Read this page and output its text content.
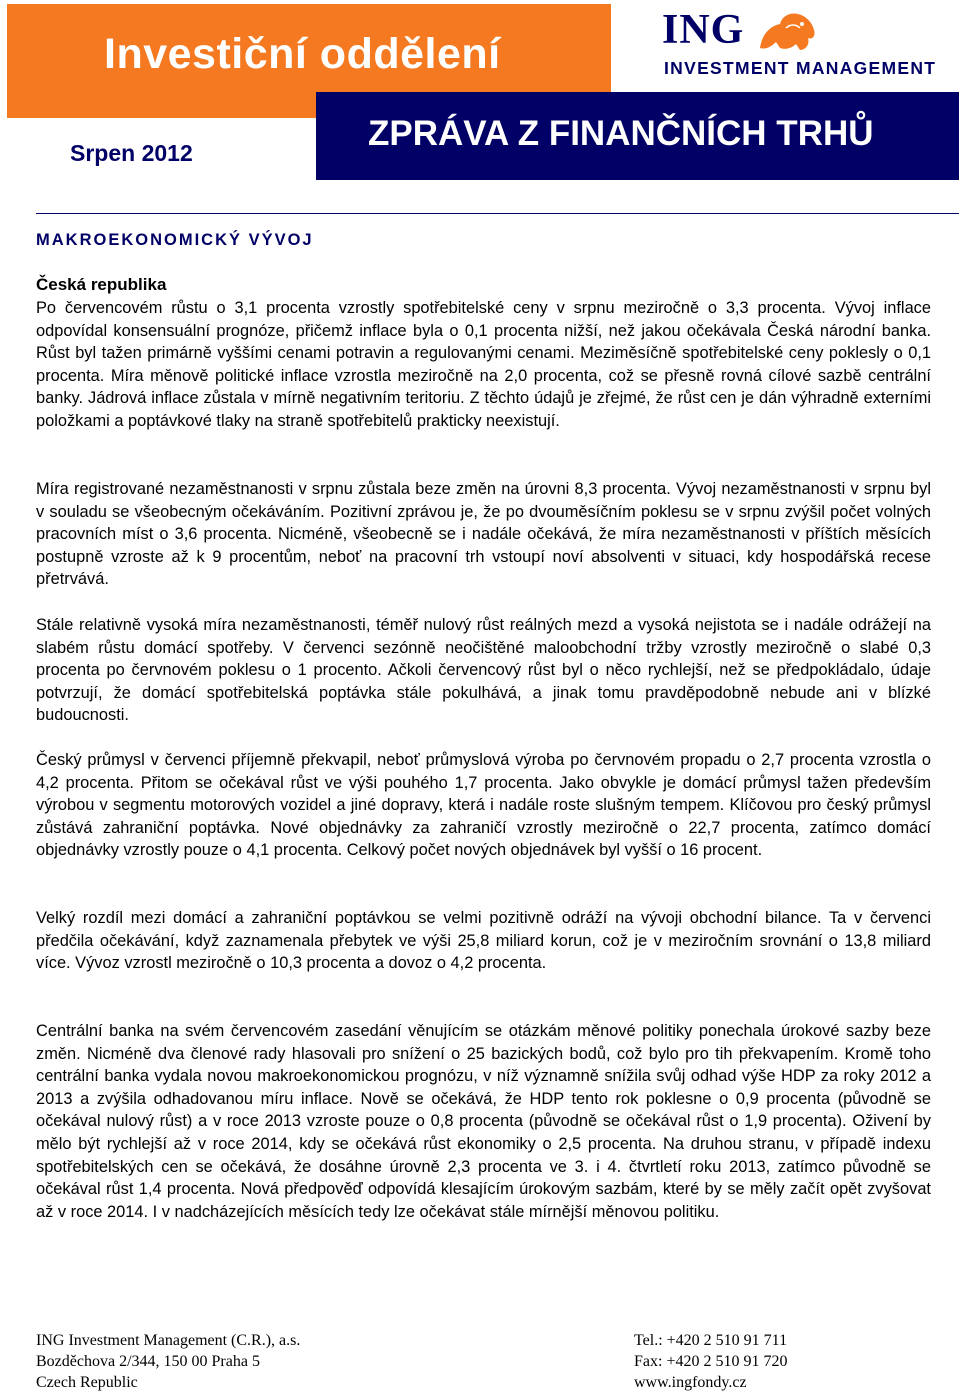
Investiční oddělení
ZPRÁVA Z FINANČNÍCH TRHŮ
Srpen 2012
ING
INVESTMENT MANAGEMENT
MAKROEKONOMICKÝ VÝVOJ
Česká republika
Po červencovém růstu o 3,1 procenta vzrostly spotřebitelské ceny v srpnu meziročně o 3,3 procenta. Vývoj inflace odpovídal konsensuální prognóze, přičemž inflace byla o 0,1 procenta nižší, než jakou očekávala Česká národní banka. Růst byl tažen primárně vyššími cenami potravin a regulovanými cenami. Meziměsíčně spotřebitelské ceny poklesly o 0,1 procenta. Míra měnově politické inflace vzrostla meziročně na 2,0 procenta, což se přesně rovná cílové sazbě centrální banky. Jádrová inflace zůstala v mírně negativním teritoriu. Z těchto údajů je zřejmé, že růst cen je dán výhradně externími položkami a poptávkové tlaky na straně spotřebitelů prakticky neexistují.
Míra registrované nezaměstnanosti v srpnu zůstala beze změn na úrovni 8,3 procenta. Vývoj nezaměstnanosti v srpnu byl v souladu se všeobecným očekáváním. Pozitivní zprávou je, že po dvouměsíčním poklesu se v srpnu zvýšil počet volných pracovních míst o 3,6 procenta. Nicméně, všeobecně se i nadále očekává, že míra nezaměstnanosti v příštích měsících postupně vzroste až k 9 procentům, neboť na pracovní trh vstoupí noví absolventi v situaci, kdy hospodářská recese přetrvává.
Stále relativně vysoká míra nezaměstnanosti, téměř nulový růst reálných mezd a vysoká nejistota se i nadále odrážejí na slabém růstu domácí spotřeby. V červenci sezónně neočištěné maloobchodní tržby vzrostly meziročně o slabé 0,3 procenta po červnovém poklesu o 1 procento. Ačkoli červencový růst byl o něco rychlejší, než se předpokládalo, údaje potvrzují, že domácí spotřebitelská poptávka stále pokulhává, a jinak tomu pravděpodobně nebude ani v blízké budoucnosti.
Český průmysl v červenci příjemně překvapil, neboť průmyslová výroba po červnovém propadu o 2,7 procenta vzrostla o 4,2 procenta. Přitom se očekával růst ve výši pouhého 1,7 procenta. Jako obvykle je domácí průmysl tažen především výrobou v segmentu motorových vozidel a jiné dopravy, která i nadále roste slušným tempem. Klíčovou pro český průmysl zůstává zahraniční poptávka. Nové objednávky za zahraničí vzrostly meziročně o 22,7 procenta, zatímco domácí objednávky vzrostly pouze o 4,1 procenta. Celkový počet nových objednávek byl vyšší o 16 procent.
Velký rozdíl mezi domácí a zahraniční poptávkou se velmi pozitivně odráží na vývoji obchodní bilance. Ta v červenci předčila očekávání, když zaznamenala přebytek ve výši 25,8 miliard korun, což je v meziročním srovnání o 13,8 miliard více. Vývoz vzrostl meziročně o 10,3 procenta a dovoz o 4,2 procenta.
Centrální banka na svém červencovém zasedání věnujícím se otázkám měnové politiky ponechala úrokové sazby beze změn. Nicméně dva členové rady hlasovali pro snížení o 25 bazických bodů, což bylo pro tih překvapením. Kromě toho centrální banka vydala novou makroekonomickou prognózu, v níž významně snížila svůj odhad výše HDP za roky 2012 a 2013 a zvýšila odhadovanou míru inflace. Nově se očekává, že HDP tento rok poklesne o 0,9 procenta (původně se očekával nulový růst) a v roce 2013 vzroste pouze o 0,8 procenta (původně se očekával růst o 1,9 procenta). Oživení by mělo být rychlejší až v roce 2014, kdy se očekává růst ekonomiky o 2,5 procenta. Na druhou stranu, v případě indexu spotřebitelských cen se očekává, že dosáhne úrovně 2,3 procenta ve 3. i 4. čtvrtletí roku 2013, zatímco původně se očekával růst 1,4 procenta. Nová předpověď odpovídá klesajícím úrokovým sazbám, které by se měly začít opět zvyšovat až v roce 2014. I v nadcházejících měsících tedy lze očekávat stále mírnější měnovou politiku.
ING Investment Management (C.R.), a.s.
Bozděchova 2/344, 150 00 Praha 5
Czech Republic
Tel.: +420 2 510 91 711
Fax: +420 2 510 91 720
www.ingfondy.cz
